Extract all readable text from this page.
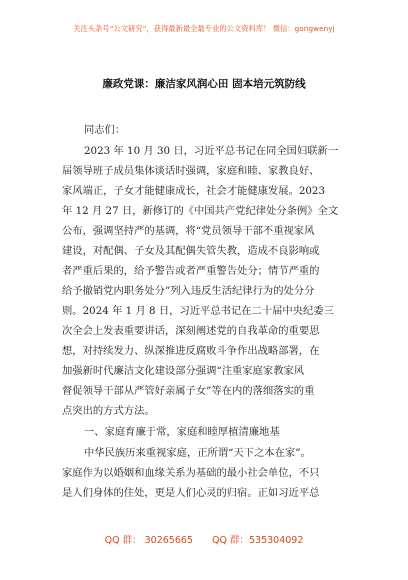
关注头条号“公文研究”，获得最新最全最专业的公文资料库！ 微信：gongwenyj
廉政党课：廉洁家风润心田 固本培元筑防线
同志们：
2023 年 10 月 30 日，习近平总书记在同全国妇联新一
届领导班子成员集体谈话时强调，家庭和睦、家教良好、
家风端正，子女才能健康成长，社会才能健康发展。2023
年 12 月 27 日，新修订的《中国共产党纪律处分条例》全文
公布，强调坚持严的基调，将“党员领导干部不重视家风
建设，对配偶、子女及其配偶失管失教，造成不良影响或
者严重后果的，给予警告或者严重警告处分；情节严重的
给予撤销党内职务处分”列入违反生活纪律行为的处分分
则。2024 年 1 月 8 日，习近平总书记在二十届中央纪委三
次全会上发表重要讲话，深刻阐述党的自我革命的重要思
想，对持续发力、纵深推进反腐败斗争作出战略部署，在
加强新时代廉洁文化建设部分强调“注重家庭家教家风
督促领导干部从严管好亲属子女”等在内的落细落实的重
点突出的方式方法。
一、家庭育廉于常，家庭和睦厚植清廉地基
中华民族历来重视家庭，正所谓“天下之本在家”。
家庭作为以婚姻和血缘关系为基础的最小社会单位，不只
是人们身体的住处，更是人们心灵的归宿。正如习近平总
QQ 群： 30265665 QQ 群：535304092
